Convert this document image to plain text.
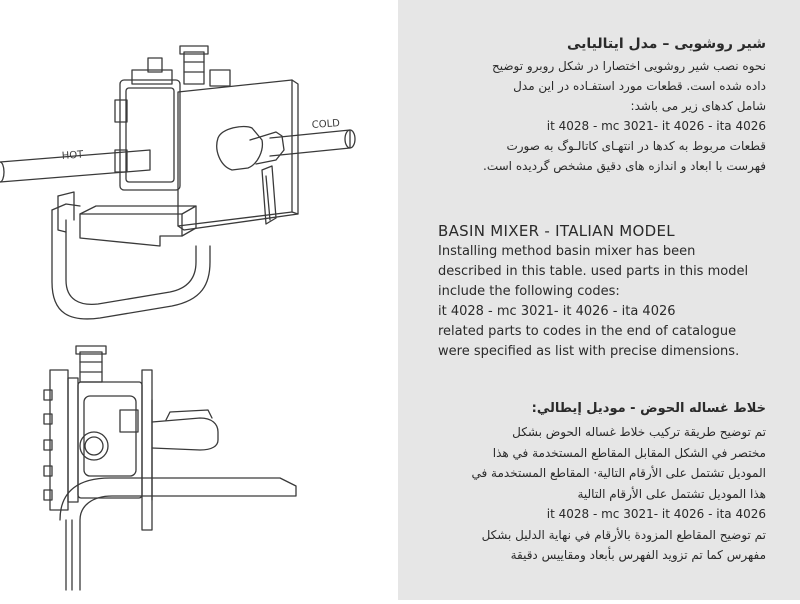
HOT
COLD
شیر روشویی – مدل ایتالیایی
نحوه نصب شیر روشویی اختصارا در شکل روبرو توضیح
داده شده است. قطعات مورد استفـاده در این مدل
شامل کدهای زیر می باشد:
it 4028 - mc 3021- it 4026 - ita 4026
قطعات مربوط به کدها در انتهـای کاتالـوگ به صورت
فهرست با ابعاد و اندازه های دقیق مشخص گردیده است.
BASIN MIXER - ITALIAN MODEL
Installing method basin mixer has been
described in this table. used parts in this model
include the following codes:
it 4028 - mc 3021- it 4026 - ita 4026
related parts to codes in the end of catalogue
were specified as list with precise dimensions.
خلاط غساله الحوض - موديل إيطالي:
تم توضيح طريقة تركيب خلاط غساله الحوض بشكل
مختصر في الشكل المقابل المقاطع المستخدمة في هذا
الموديل تشتمل على الأرقام التالية· المقاطع المستخدمة في
هذا الموديل تشتمل على الأرقام التالية
it 4028 - mc 3021- it 4026 - ita 4026
تم توضيح المقاطع المزودة بالأرقام في نهاية الدليل بشكل
مفهرس كما تم تزويد الفهرس بأبعاد ومقاييس دقيقة
